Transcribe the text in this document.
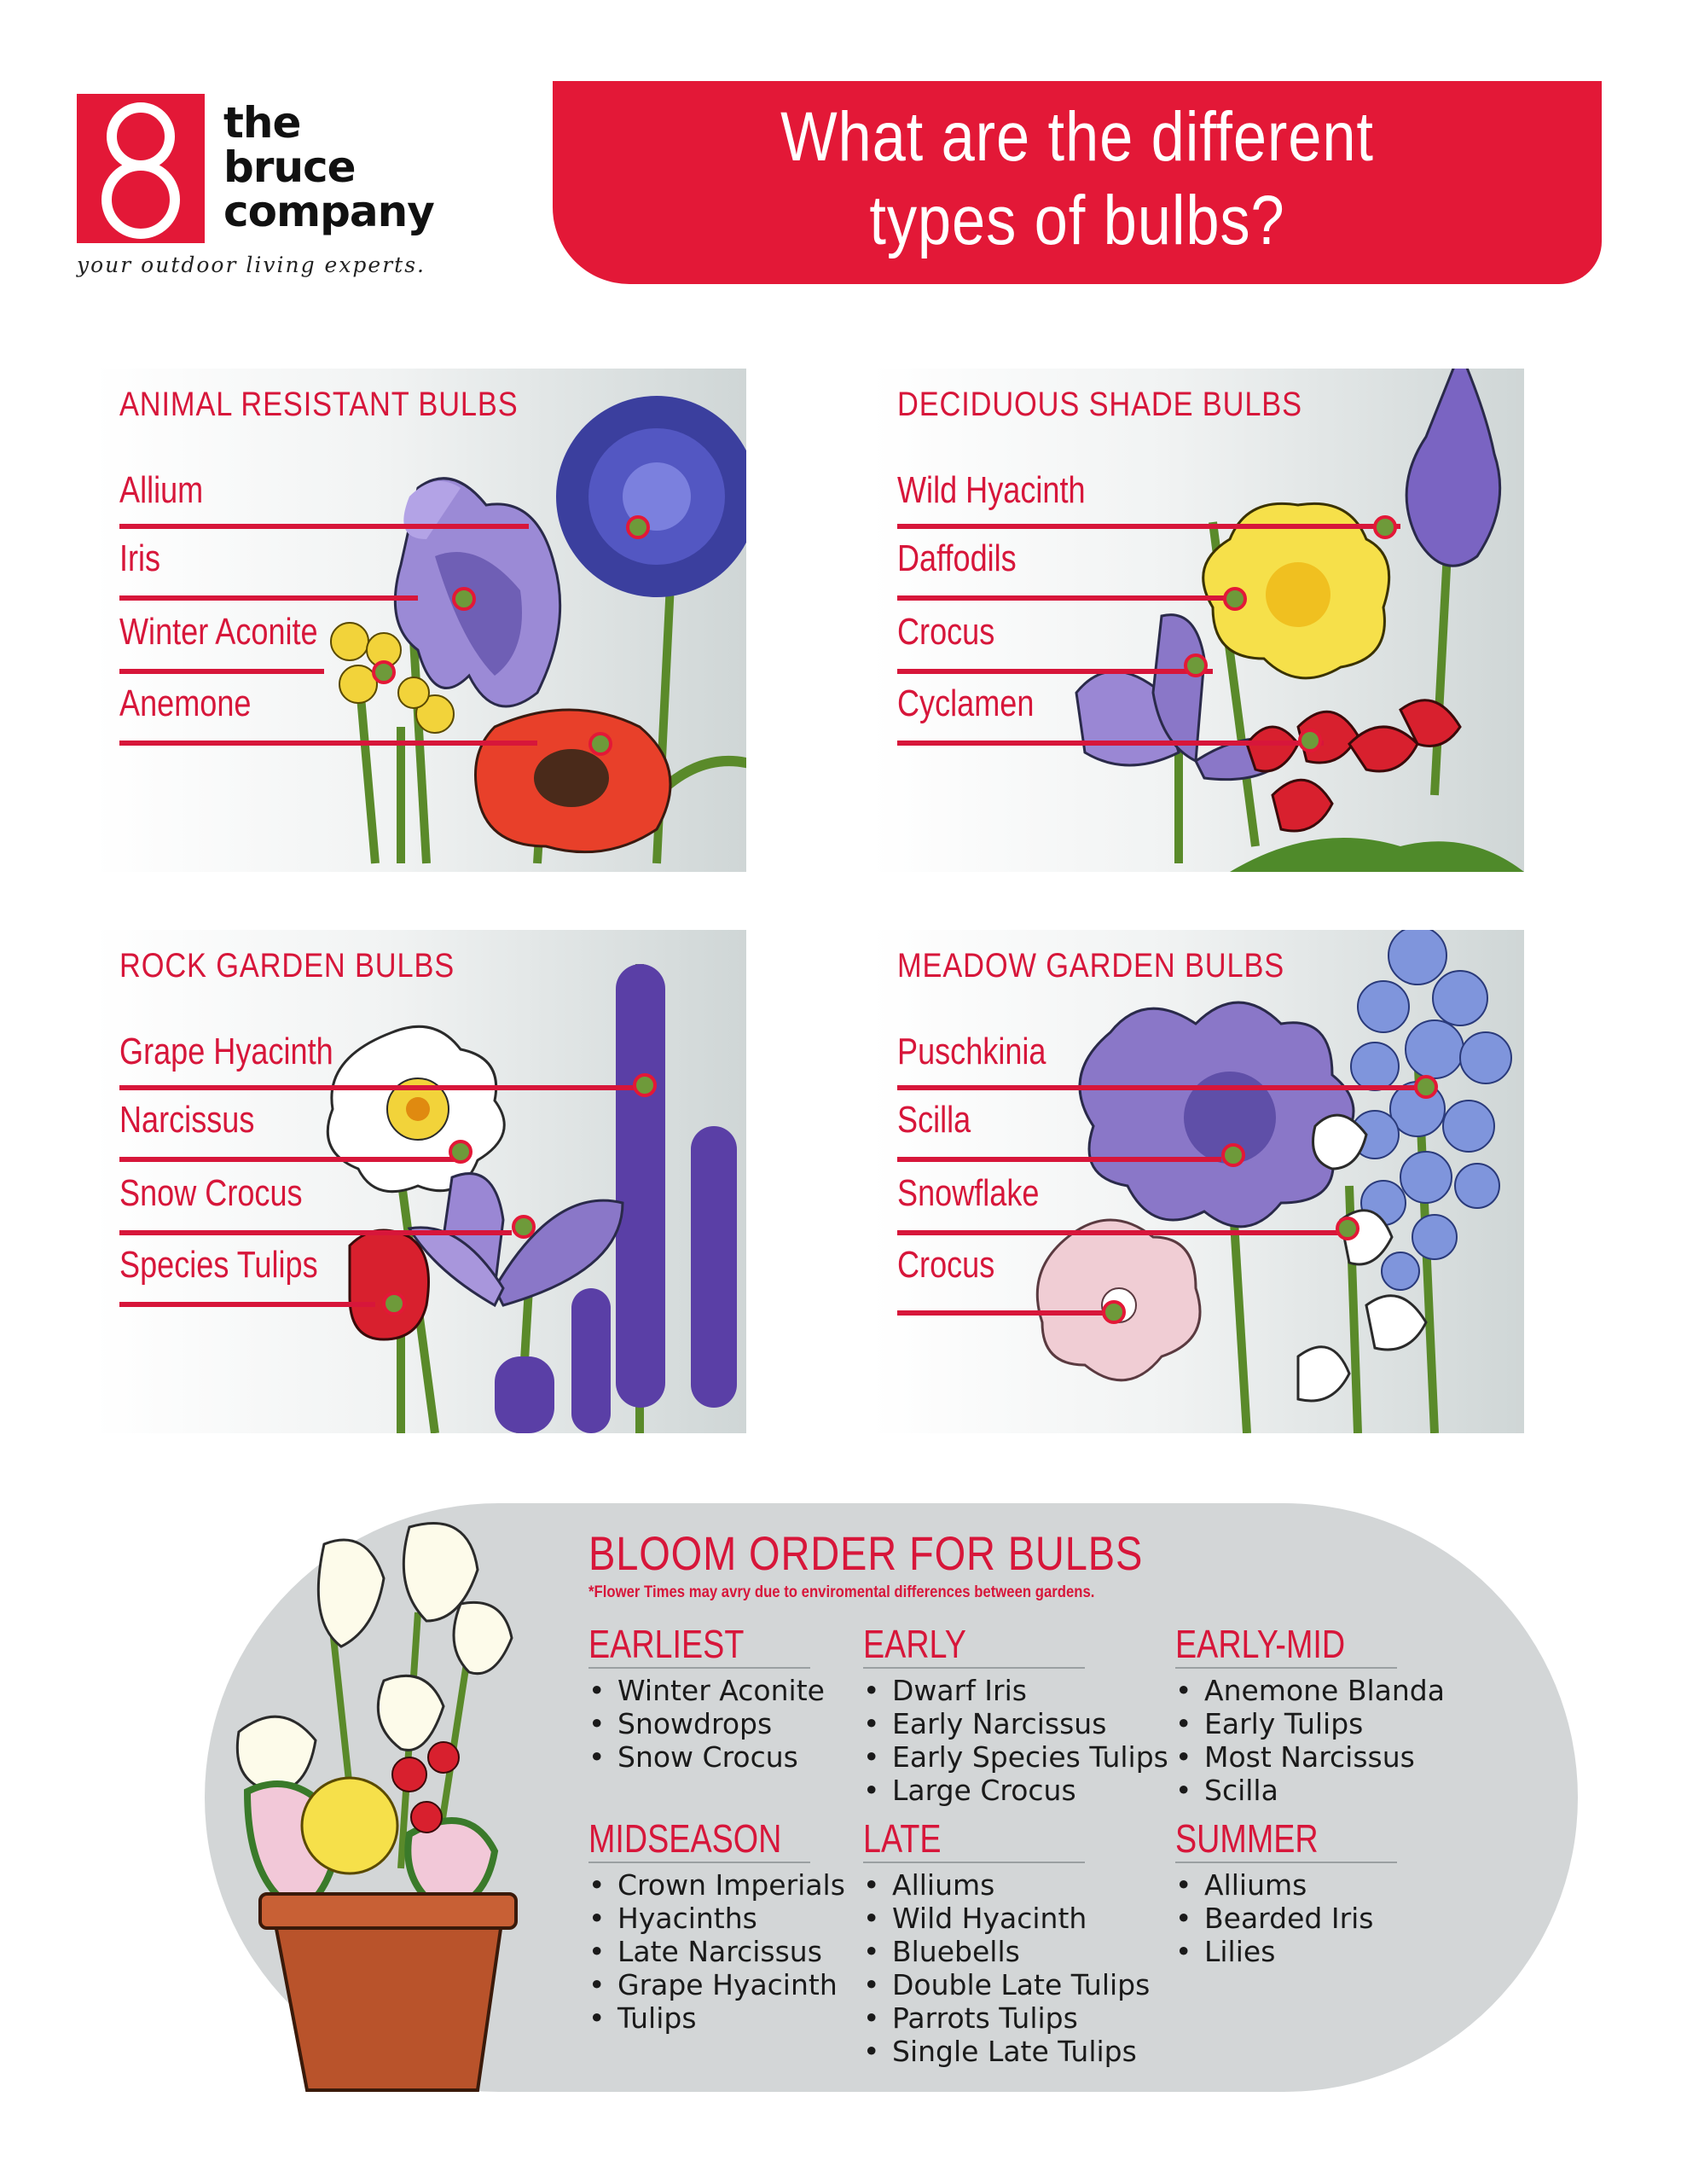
the
bruce
company
your outdoor living experts.
What are the different
types of bulbs?
ANIMAL RESISTANT BULBS
Allium
Iris
Winter Aconite
Anemone
DECIDUOUS SHADE BULBS
Wild Hyacinth
Daffodils
Crocus
Cyclamen
ROCK GARDEN BULBS
Grape Hyacinth
Narcissus
Snow Crocus
Species Tulips
MEADOW GARDEN BULBS
Puschkinia
Scilla
Snowflake
Crocus
BLOOM ORDER FOR BULBS
*Flower Times may avry due to enviromental differences between gardens.
EARLIEST
• Winter Aconite
• Snowdrops
• Snow Crocus
EARLY
• Dwarf Iris
• Early Narcissus
• Early Species Tulips
• Large Crocus
EARLY-MID
• Anemone Blanda
• Early Tulips
• Most Narcissus
• Scilla
MIDSEASON
• Crown Imperials
• Hyacinths
• Late Narcissus
• Grape Hyacinth
• Tulips
LATE
• Alliums
• Wild Hyacinth
• Bluebells
• Double Late Tulips
• Parrots Tulips
• Single Late Tulips
SUMMER
• Alliums
• Bearded Iris
• Lilies
